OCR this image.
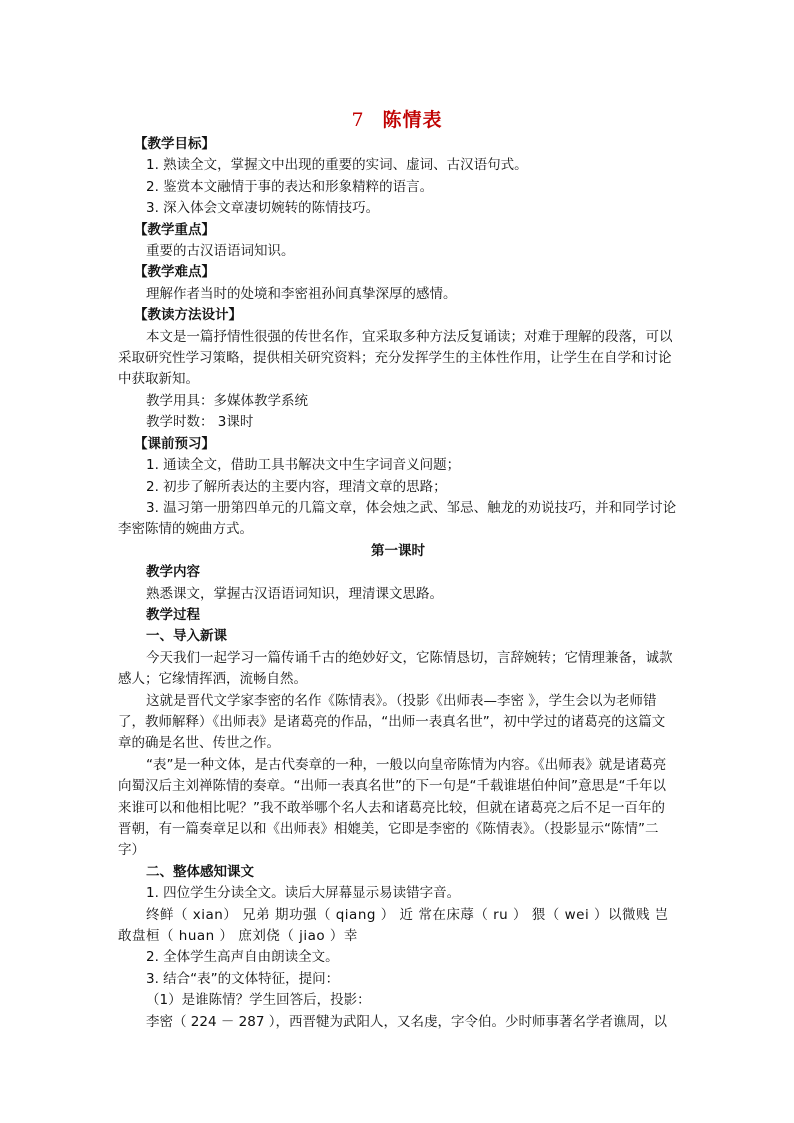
7 陈情表

【教学目标】

1. 熟读全文，掌握文中出现的重要的实词、虚词、古汉语句式。

2. 鉴赏本文融情于事的表达和形象精粹的语言。

3. 深入体会文章凄切婉转的陈情技巧。

【教学重点】

重要的古汉语语词知识。

【教学难点】

理解作者当时的处境和李密祖孙间真挚深厚的感情。

【教读方法设计】

本文是一篇抒情性很强的传世名作，宜采取多种方法反复诵读；对难于理解的段落，可以采取研究性学习策略，提供相关研究资料；充分发挥学生的主体性作用，让学生在自学和讨论中获取新知。

教学用具：多媒体教学系统

教学时数： 3课时

【课前预习】

1. 通读全文，借助工具书解决文中生字词音义问题；

2. 初步了解所表达的主要内容，理清文章的思路；

3. 温习第一册第四单元的几篇文章，体会烛之武、邹忌、触龙的劝说技巧，并和同学讨论李密陈情的婉曲方式。

第一课时

教学内容

熟悉课文，掌握古汉语语词知识，理清课文思路。

教学过程

一、导入新课

今天我们一起学习一篇传诵千古的绝妙好文，它陈情恳切，言辞婉转；它情理兼备，诚款感人；它缘情挥洒，流畅自然。

这就是晋代文学家李密的名作《陈情表》。（投影《出师表—李密 》，学生会以为老师错了，教师解释）《出师表》是诸葛亮的作品，“出师一表真名世”，初中学过的诸葛亮的这篇文章的确是名世、传世之作。

“表”是一种文体，是古代奏章的一种，一般以向皇帝陈情为内容。《出师表》就是诸葛亮向蜀汉后主刘禅陈情的奏章。“出师一表真名世”的下一句是“千载谁堪伯仲间”意思是“千年以来谁可以和他相比呢？”我不敢举哪个名人去和诸葛亮比较，但就在诸葛亮之后不足一百年的晋朝，有一篇奏章足以和《出师表》相媲美，它即是李密的《陈情表》。（投影显示“陈情”二字）

二、整体感知课文

1. 四位学生分读全文。读后大屏幕显示易读错字音。

终鲜（ xian） 兄弟 期功强（ qiang ） 近 常在床蓐（ ru ） 猥（ wei ）以微贱 岂敢盘桓（ huan ） 庶刘侥（ jiao ）幸

2. 全体学生高声自由朗读全文。

3. 结合“表”的文体特征，提问：

（1）是谁陈情？学生回答后，投影：

李密（ 224 － 287 ），西晋犍为武阳人，又名虔，字令伯。少时师事著名学者谯周，以
